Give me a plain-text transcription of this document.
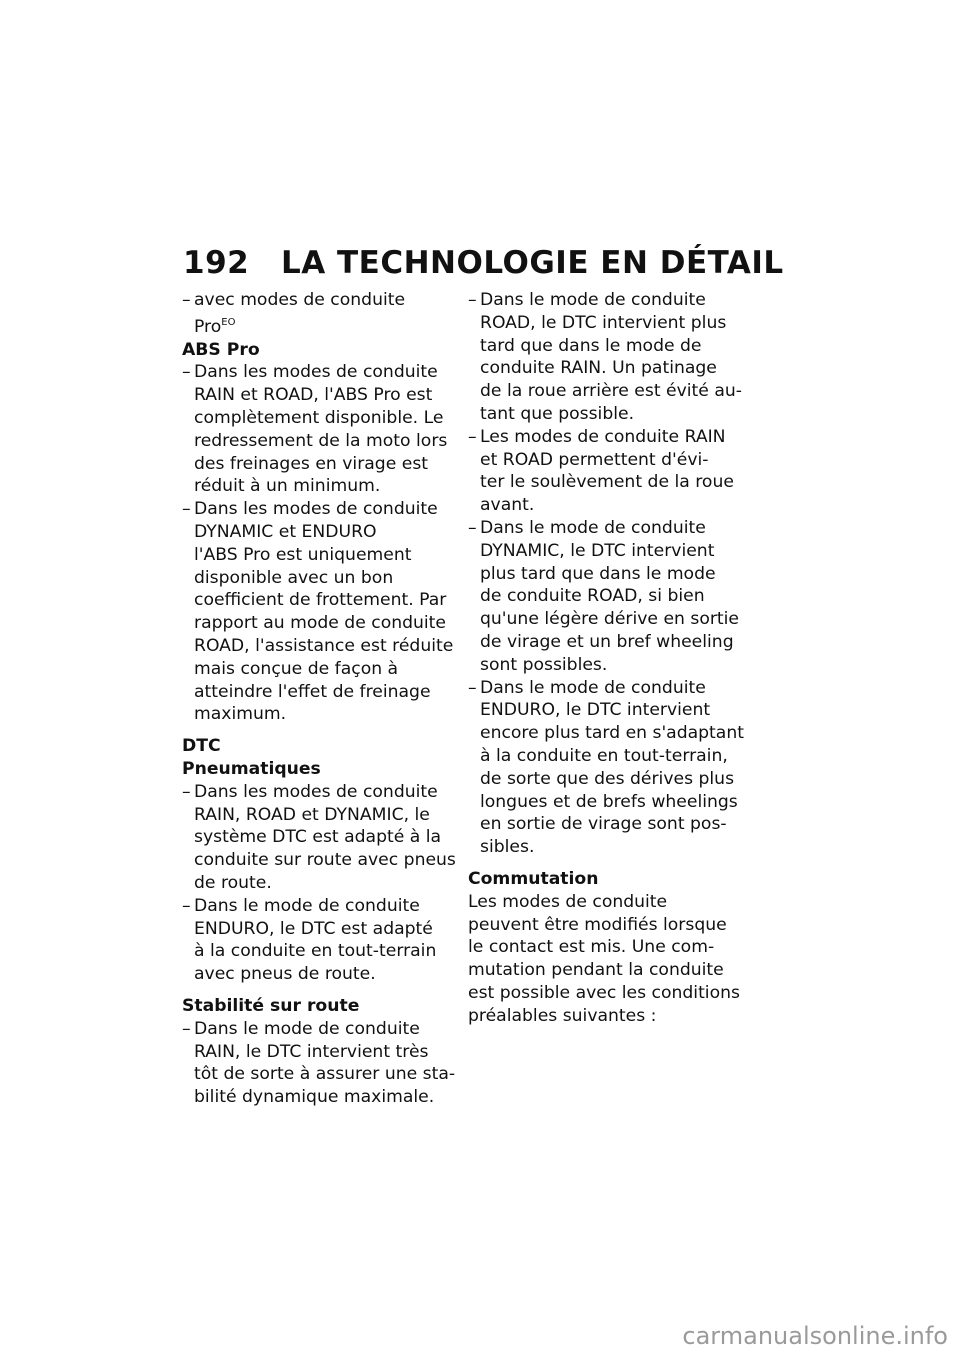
192 LA TECHNOLOGIE EN DÉTAIL
– avec modes de conduite
Pro$^{EO}$
ABS Pro
– Dans les modes de conduite
RAIN et ROAD, l'ABS Pro est
complètement disponible. Le
redressement de la moto lors
des freinages en virage est
réduit à un minimum.
– Dans les modes de conduite
DYNAMIC et ENDURO
l'ABS Pro est uniquement
disponible avec un bon
coefficient de frottement. Par
rapport au mode de conduite
ROAD, l'assistance est réduite
mais conçue de façon à
atteindre l'effet de freinage
maximum.
DTC
Pneumatiques
– Dans les modes de conduite
RAIN, ROAD et DYNAMIC, le
système DTC est adapté à la
conduite sur route avec pneus
de route.
– Dans le mode de conduite
ENDURO, le DTC est adapté
à la conduite en tout-terrain
avec pneus de route.
Stabilité sur route
– Dans le mode de conduite
RAIN, le DTC intervient très
tôt de sorte à assurer une sta-
bilité dynamique maximale.
– Dans le mode de conduite
ROAD, le DTC intervient plus
tard que dans le mode de
conduite RAIN. Un patinage
de la roue arrière est évité au-
tant que possible.
– Les modes de conduite RAIN
et ROAD permettent d'évi-
ter le soulèvement de la roue
avant.
– Dans le mode de conduite
DYNAMIC, le DTC intervient
plus tard que dans le mode
de conduite ROAD, si bien
qu'une légère dérive en sortie
de virage et un bref wheeling
sont possibles.
– Dans le mode de conduite
ENDURO, le DTC intervient
encore plus tard en s'adaptant
à la conduite en tout-terrain,
de sorte que des dérives plus
longues et de brefs wheelings
en sortie de virage sont pos-
sibles.
Commutation
Les modes de conduite
peuvent être modifiés lorsque
le contact est mis. Une com-
mutation pendant la conduite
est possible avec les conditions
préalables suivantes :
carmanualsonline.info
